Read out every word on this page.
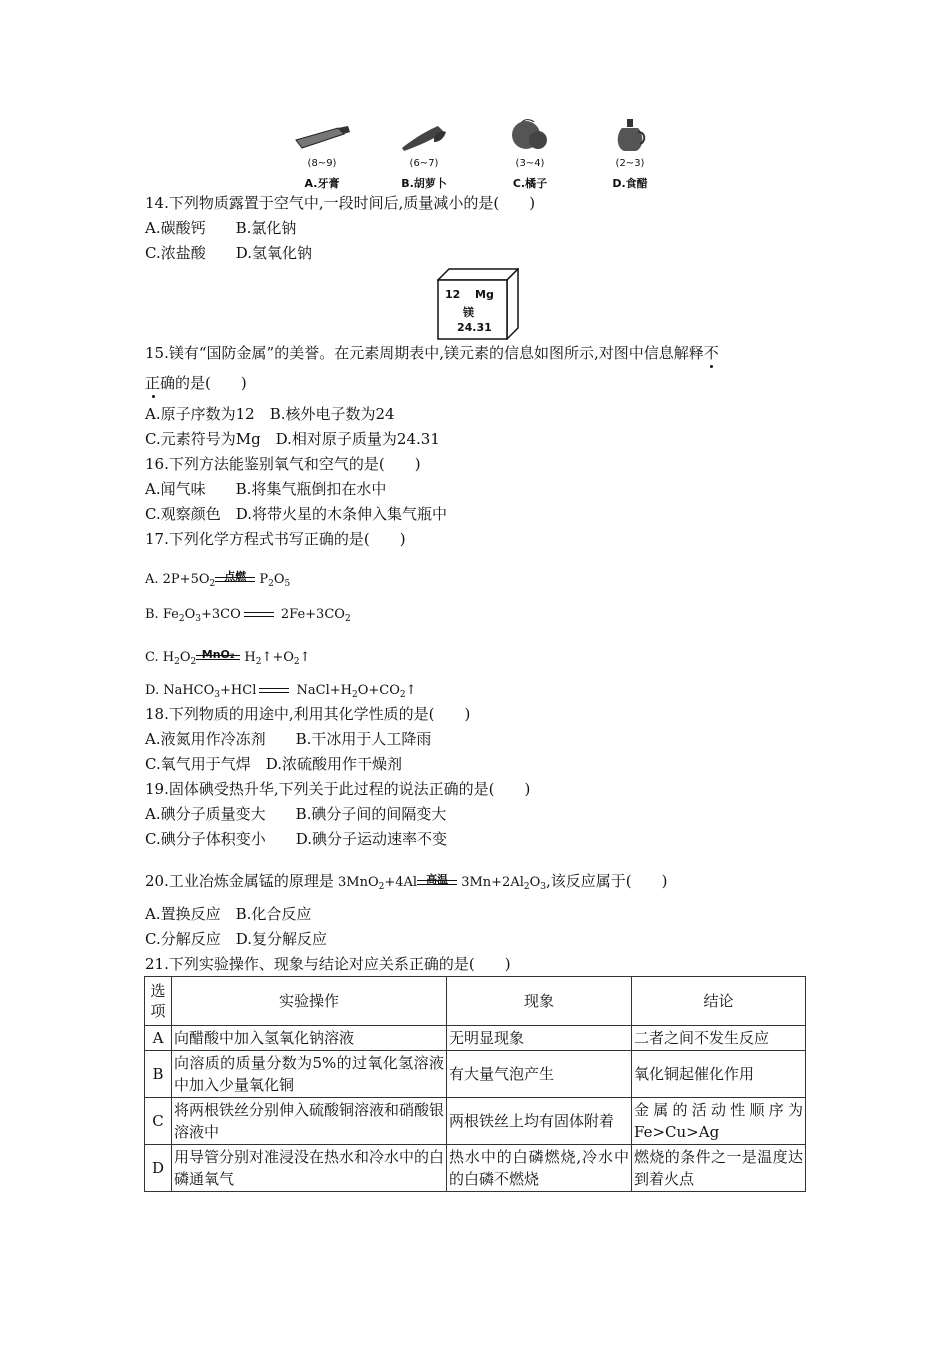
(8~9)
A.牙膏
(6~7)
B.胡萝卜
(3~4)
C.橘子
(2~3)
D.食醋
14.下列物质露置于空气中,一段时间后,质量减小的是(　　)
A.碳酸钙　　B.氯化钠
C.浓盐酸　　D.氢氧化钠
12 Mg
镁
24.31
15.镁有“国防金属”的美誉。在元素周期表中,镁元素的信息如图所示,对图中信息解释不
正确的是(　　)
A.原子序数为12　B.核外电子数为24
C.元素符号为Mg　D.相对原子质量为24.31
16.下列方法能鉴别氧气和空气的是(　　)
A.闻气味　　B.将集气瓶倒扣在水中
C.观察颜色　D.将带火星的木条伸入集气瓶中
17.下列化学方程式书写正确的是(　　)
A. $2P+5O_2$
点燃 $P_2O_5$
B. $Fe_2O_3+3CO$	$2Fe+3CO_2$
C. $H_2O_2$
MnO₂ $H_2↑+O_2↑$
D. NaHCO$_3$+HCl	$NaCl+H_2O+CO_2↑$
18.下列物质的用途中,利用其化学性质的是(　　)
A.液氮用作冷冻剂　　B.干冰用于人工降雨
C.氧气用于气焊　D.浓硫酸用作干燥剂
19.固体碘受热升华,下列关于此过程的说法正确的是(　　)
A.碘分子质量变大　　B.碘分子间的间隔变大
C.碘分子体积变小　　D.碘分子运动速率不变
20.工业冶炼金属锰的原理是 3MnO$_2$+4Al 高温 $3Mn+2Al_2O_3$,该反应属于(　　)
A.置换反应　B.化合反应
C.分解反应　D.复分解反应
21.下列实验操作、现象与结论对应关系正确的是(　　)
选项	实验操作	现象	结论
A	向醋酸中加入氢氧化钠溶液	无明显现象	二者之间不发生反应
B	向溶质的质量分数为5%的过氧化氢溶液中加入少量氧化铜	有大量气泡产生	氧化铜起催化作用
C	将两根铁丝分别伸入硫酸铜溶液和硝酸银溶液中	两根铁丝上均有固体附着	金属的活动性顺序为Fe>Cu>Ag
D	用导管分别对准浸没在热水和冷水中的白磷通氧气	热水中的白磷燃烧,冷水中的白磷不燃烧	燃烧的条件之一是温度达到着火点
